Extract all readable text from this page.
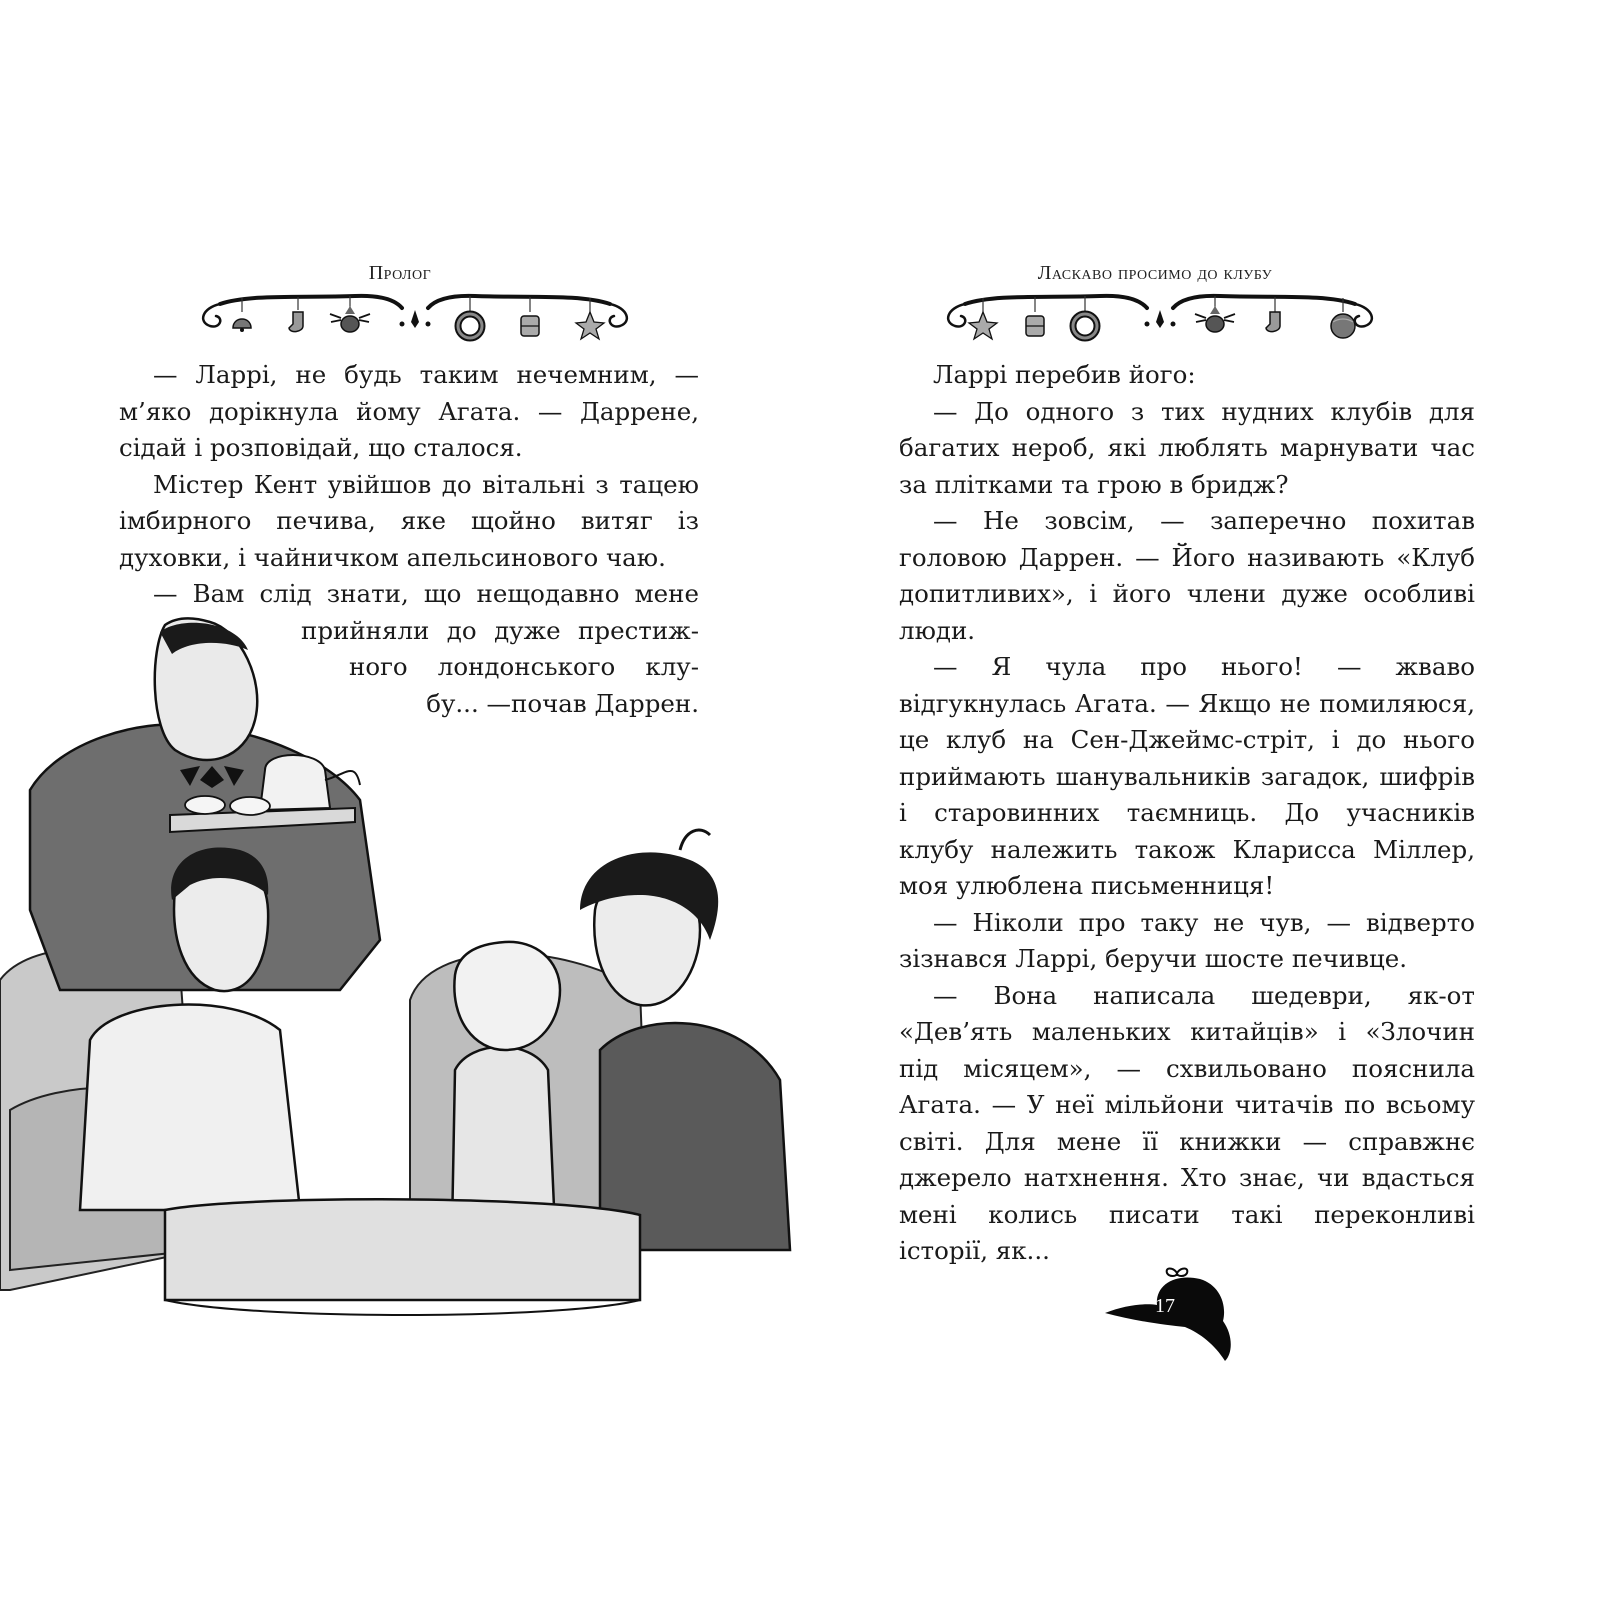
Пролог

— Ларрі, не будь таким нечемним, — м’яко дорікнула йому Агата. — Даррене, сідай і розповідай, що сталося.

Містер Кент увійшов до вітальні з тацею імбирного печива, яке щойно витяг із духовки, і чайничком апельсинового чаю.

— Вам слід знати, що нещодавно мене

прийняли до дуже престиж-
ного лондонського клу-
бу... —почав Даррен.
Ласкаво просимо до клубу

Ларрі перебив його:

— До одного з тих нудних клубів для багатих нероб, які люблять марнувати час за плітками та грою в бридж?

— Не зовсім, — заперечно похитав головою Даррен. — Його називають «Клуб допитливих», і його члени дуже особливі люди.

— Я чула про нього! — жваво відгукнулась Агата. — Якщо не помиляюся, це клуб на Сен-Джеймс-стріт, і до нього приймають шанувальників загадок, шифрів і старовинних таємниць. До учасників клубу належить також Кларисса Міллер, моя улюблена письменниця!

— Ніколи про таку не чув, — відверто зізнався Ларрі, беручи шосте печивце.

— Вона написала шедеври, як-от «Дев’ять маленьких китайців» і «Злочин під місяцем», — схвильовано пояснила Агата. — У неї мільйони читачів по всьому світі. Для мене її книжки — справжнє джерело натхнення. Хто знає, чи вдасться мені колись писати такі переконливі історії, як...

17
